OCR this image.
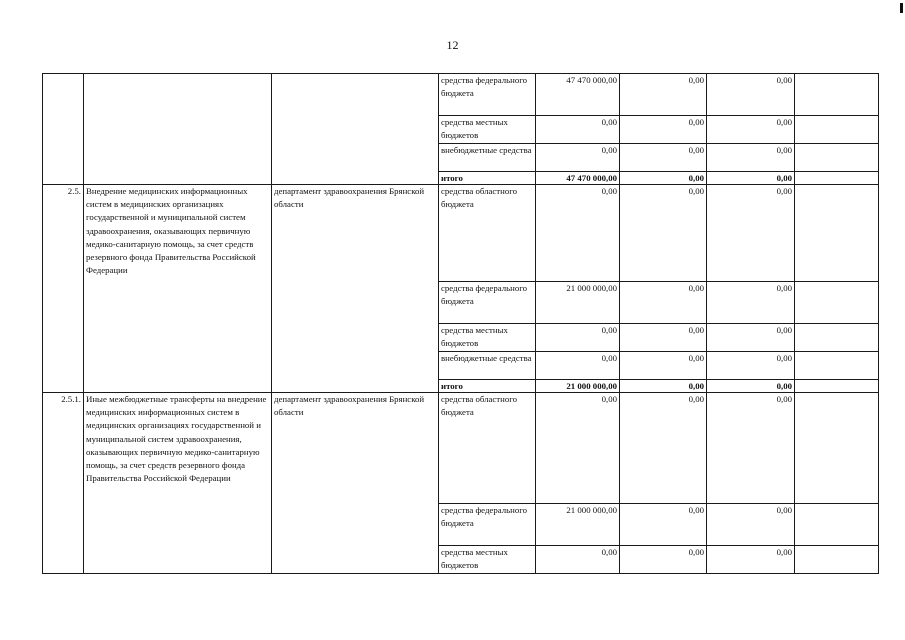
12
			средства федерального бюджета	47 470 000,00	0,00	0,00	
			средства местных бюджетов	0,00	0,00	0,00	
			внебюджетные средства	0,00	0,00	0,00	
			итого	47 470 000,00	0,00	0,00	
2.5.	Внедрение медицинских информационных систем в медицинских организациях государственной и муниципальной систем здравоохранения, оказывающих первичную медико-санитарную помощь, за счет средств резервного фонда Правительства Российской Федерации	департамент здравоохранения Брянской области	средства областного бюджета	0,00	0,00	0,00	
			средства федерального бюджета	21 000 000,00	0,00	0,00	
			средства местных бюджетов	0,00	0,00	0,00	
			внебюджетные средства	0,00	0,00	0,00	
			итого	21 000 000,00	0,00	0,00	
2.5.1.	Иные межбюджетные трансферты на внедрение медицинских информационных систем в медицинских организациях государственной и муниципальной систем здравоохранения, оказывающих первичную медико-санитарную помощь, за счет средств резервного фонда Правительства Российской Федерации	департамент здравоохранения Брянской области	средства областного бюджета	0,00	0,00	0,00	
			средства федерального бюджета	21 000 000,00	0,00	0,00	
			средства местных бюджетов	0,00	0,00	0,00	
